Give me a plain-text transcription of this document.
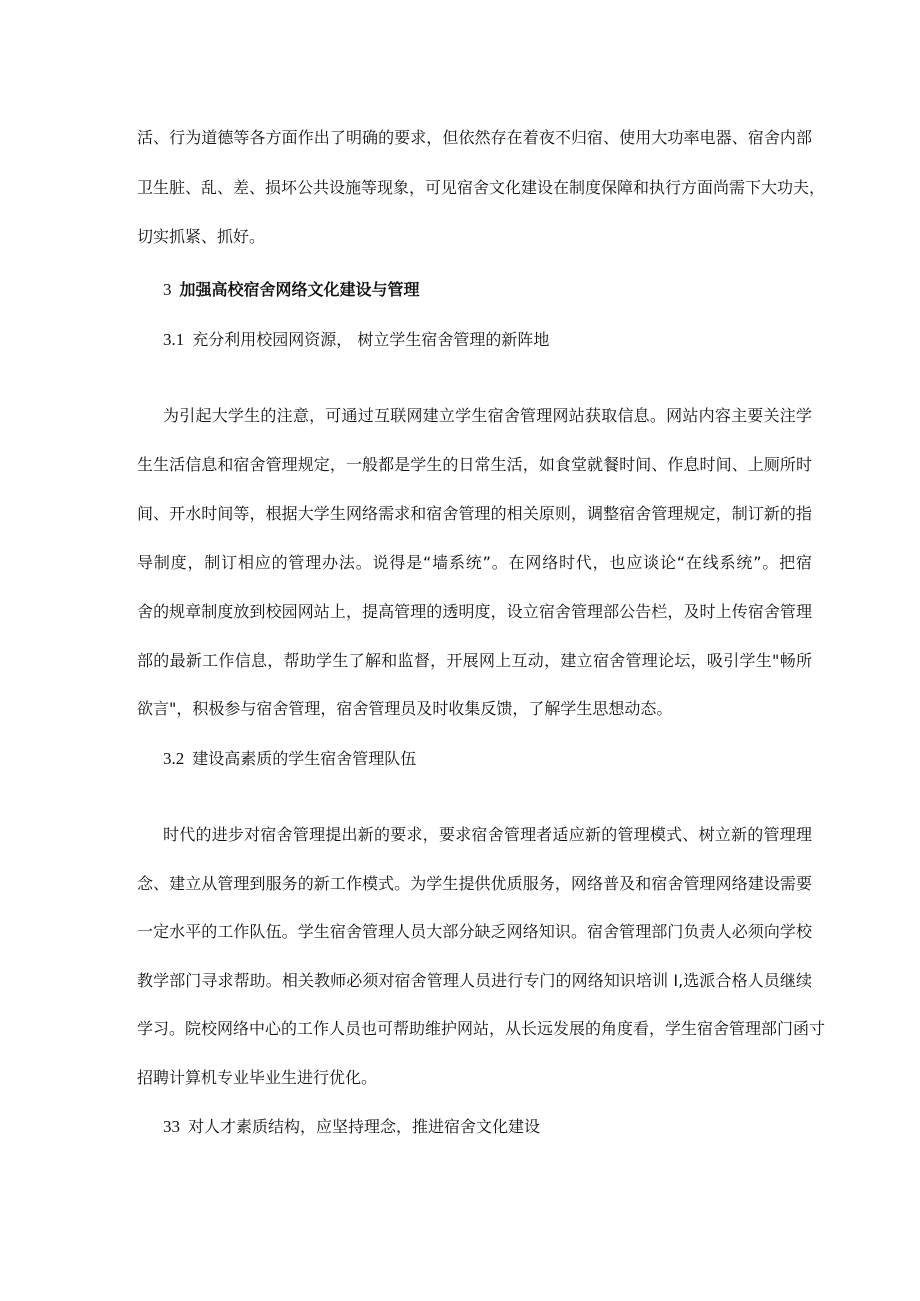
活、行为道德等各方面作出了明确的要求，但依然存在着夜不归宿、使用大功率电器、宿舍内部
卫生脏、乱、差、损坏公共设施等现象，可见宿舍文化建设在制度保障和执行方面尚需下大功夫，
切实抓紧、抓好。
3 加强高校宿舍网络文化建设与管理
3.1 充分利用校园网资源， 树立学生宿舍管理的新阵地
为引起大学生的注意，可通过互联网建立学生宿舍管理网站获取信息。网站内容主要关注学
生生活信息和宿舍管理规定，一般都是学生的日常生活，如食堂就餐时间、作息时间、上厕所时
间、开水时间等，根据大学生网络需求和宿舍管理的相关原则，调整宿舍管理规定，制订新的指
导制度，制订相应的管理办法。说得是“墙系统”。在网络时代，也应谈论“在线系统”。把宿
舍的规章制度放到校园网站上，提高管理的透明度，设立宿舍管理部公告栏，及时上传宿舍管理
部的最新工作信息，帮助学生了解和监督，开展网上互动，建立宿舍管理论坛，吸引学生"畅所
欲言"，积极参与宿舍管理，宿舍管理员及时收集反馈，了解学生思想动态。
3.2 建设高素质的学生宿舍管理队伍
时代的进步对宿舍管理提出新的要求，要求宿舍管理者适应新的管理模式、树立新的管理理
念、建立从管理到服务的新工作模式。为学生提供优质服务，网络普及和宿舍管理网络建设需要
一定水平的工作队伍。学生宿舍管理人员大部分缺乏网络知识。宿舍管理部门负责人必须向学校
教学部门寻求帮助。相关教师必须对宿舍管理人员进行专门的网络知识培训 I,选派合格人员继续
学习。院校网络中心的工作人员也可帮助维护网站，从长远发展的角度看，学生宿舍管理部门函寸
招聘计算机专业毕业生进行优化。
33 对人才素质结构，应坚持理念，推进宿舍文化建设
